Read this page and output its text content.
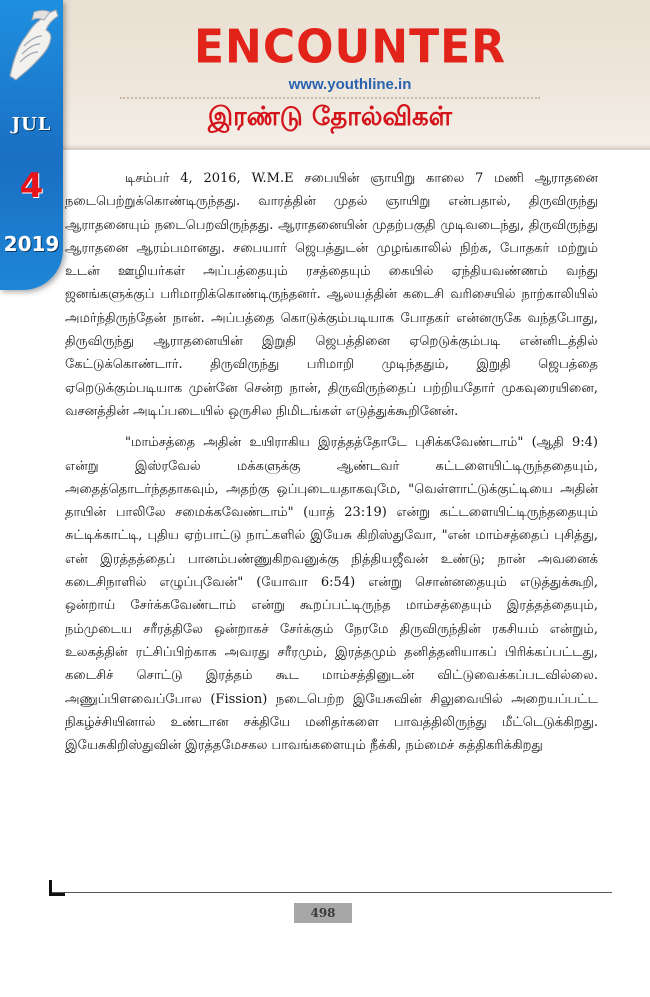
JUL
4
2019
ENCOUNTER
www.youthline.in
இரண்டு தோல்விகள்

டிசம்பர் 4, 2016, W.M.E சபையின் ஞாயிறு காலை 7 மணி ஆராதனை நடைபெற்றுக்கொண்டிருந்தது. வாரத்தின் முதல் ஞாயிறு என்பதால், திருவிருந்து ஆராதனையும் நடைபெறவிருந்தது. ஆராதனையின் முதற்பகுதி முடிவடைந்து, திருவிருந்து ஆராதனை ஆரம்பமானது. சபையார் ஜெபத்துடன் முழங்காலில் நிற்க, போதகர் மற்றும் உடன் ஊழியர்கள் அப்பத்தையும் ரசத்தையும் கையில் ஏந்தியவண்ணம் வந்து ஜனங்களுக்குப் பரிமாறிக்கொண்டிருந்தனர். ஆலயத்தின் கடைசி வரிசையில் நாற்காலியில் அமர்ந்திருந்தேன் நான். அப்பத்தை கொடுக்கும்படியாக போதகர் என்னருகே வந்தபோது, திருவிருந்து ஆராதனையின் இறுதி ஜெபத்தினை ஏறெடுக்கும்படி என்னிடத்தில் கேட்டுக்கொண்டார். திருவிருந்து பரிமாறி முடிந்ததும், இறுதி ஜெபத்தை ஏறெடுக்கும்படியாக முன்னே சென்ற நான், திருவிருந்தைப் பற்றியதோர் முகவுரையினை, வசனத்தின் அடிப்படையில் ஒருசில நிமிடங்கள் எடுத்துக்கூறினேன்.

"மாம்சத்தை அதின் உயிராகிய இரத்தத்தோடே புசிக்கவேண்டாம்" (ஆதி 9:4) என்று இஸ்ரவேல் மக்களுக்கு ஆண்டவர் கட்டளையிட்டிருந்ததையும், அதைத்தொடர்ந்ததாகவும், அதற்கு ஒப்புடையதாகவுமே, "வெள்ளாட்டுக்குட்டியை அதின் தாயின் பாலிலே சமைக்கவேண்டாம்" (யாத் 23:19) என்று கட்டளையிட்டிருந்ததையும் சுட்டிக்காட்டி, புதிய ஏற்பாட்டு நாட்களில் இயேசு கிறிஸ்துவோ, "என் மாம்சத்தைப் புசித்து, என் இரத்தத்தைப் பானம்பண்ணுகிறவனுக்கு நித்தியஜீவன் உண்டு; நான் அவனைக் கடைசிநாளில் எழுப்புவேன்" (யோவா 6:54) என்று சொன்னதையும் எடுத்துக்கூறி, ஒன்றாய் சேர்க்கவேண்டாம் என்று கூறப்பட்டிருந்த மாம்சத்தையும் இரத்தத்தையும், நம்முடைய சரீரத்திலே ஒன்றாகச் சேர்க்கும் நேரமே திருவிருந்தின் ரகசியம் என்றும், உலகத்தின் ரட்சிப்பிற்காக அவரது சரீரமும், இரத்தமும் தனித்தனியாகப் பிரிக்கப்பட்டது, கடைசிச் சொட்டு இரத்தம் கூட மாம்சத்தினுடன் விட்டுவைக்கப்படவில்லை. அணுப்பிளவைப்போல (Fission) நடைபெற்ற இயேசுவின் சிலுவையில் அறையப்பட்ட நிகழ்ச்சியினால் உண்டான சக்தியே மனிதர்களை பாவத்திலிருந்து மீட்டெடுக்கிறது. இயேசுகிறிஸ்துவின் இரத்தமேசகல பாவங்களையும் நீக்கி, நம்மைச் சுத்திகரிக்கிறது

498
